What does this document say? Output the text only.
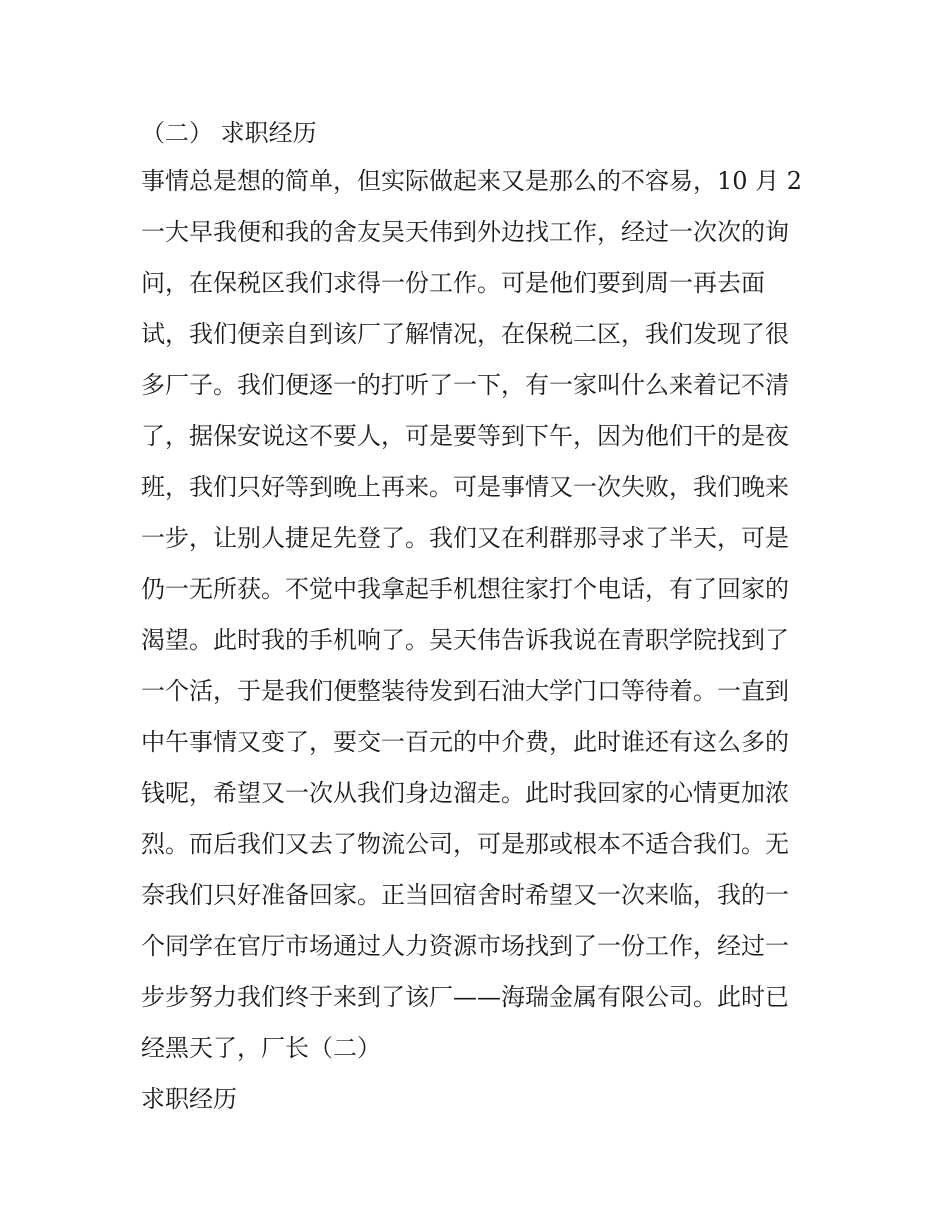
（二） 求职经历
事情总是想的简单，但实际做起来又是那么的不容易，10 月 2
一大早我便和我的舍友吴天伟到外边找工作，经过一次次的询
问，在保税区我们求得一份工作。可是他们要到周一再去面
试，我们便亲自到该厂了解情况，在保税二区，我们发现了很
多厂子。我们便逐一的打听了一下，有一家叫什么来着记不清
了，据保安说这不要人，可是要等到下午，因为他们干的是夜
班，我们只好等到晚上再来。可是事情又一次失败，我们晚来
一步，让别人捷足先登了。我们又在利群那寻求了半天，可是
仍一无所获。不觉中我拿起手机想往家打个电话，有了回家的
渴望。此时我的手机响了。吴天伟告诉我说在青职学院找到了
一个活，于是我们便整装待发到石油大学门口等待着。一直到
中午事情又变了，要交一百元的中介费，此时谁还有这么多的
钱呢，希望又一次从我们身边溜走。此时我回家的心情更加浓
烈。而后我们又去了物流公司，可是那或根本不适合我们。无
奈我们只好准备回家。正当回宿舍时希望又一次来临，我的一
个同学在官厅市场通过人力资源市场找到了一份工作，经过一
步步努力我们终于来到了该厂——海瑞金属有限公司。此时已
经黑天了，厂长（二）
求职经历
